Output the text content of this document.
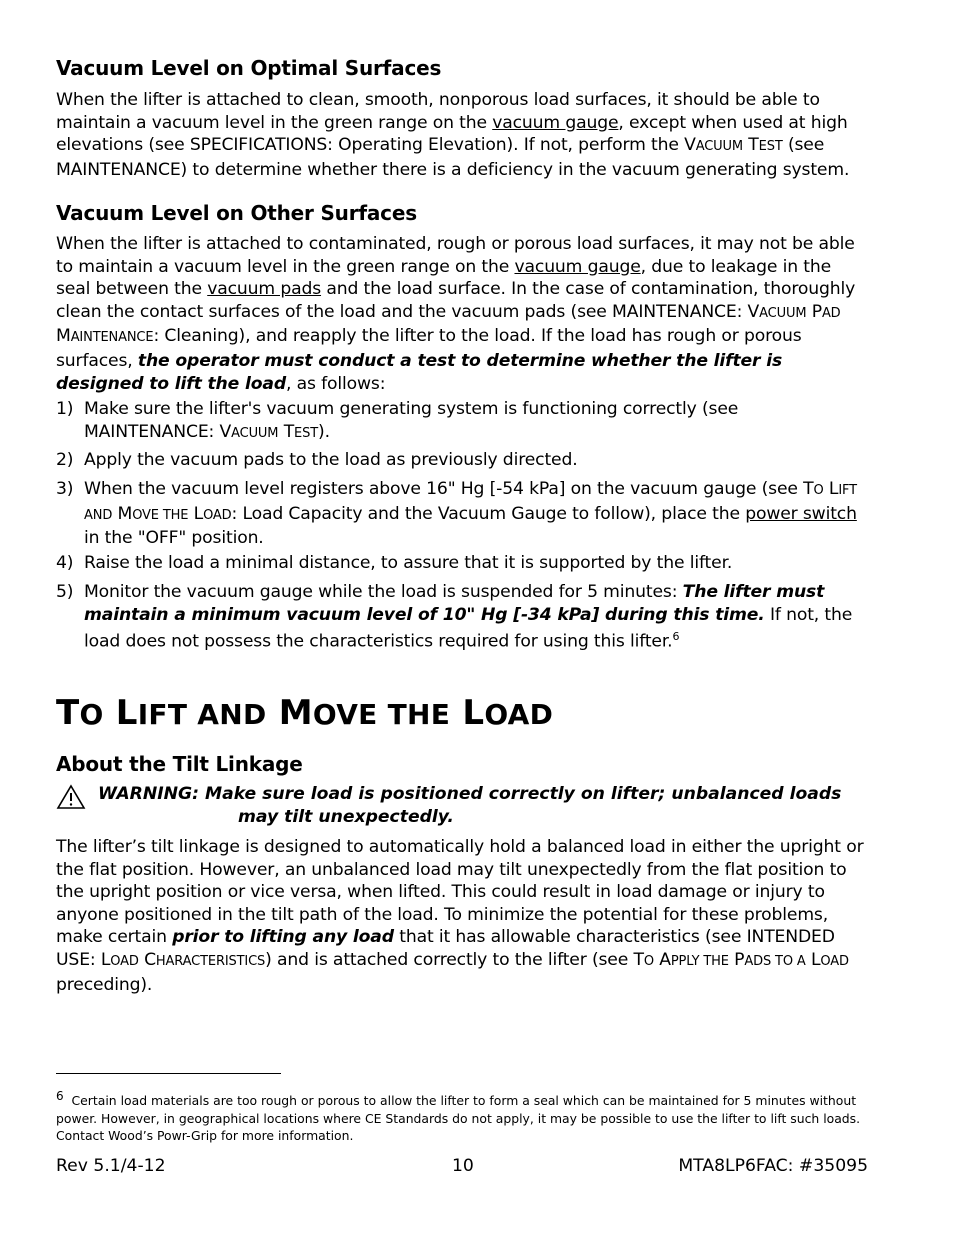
Vacuum Level on Optimal Surfaces
When the lifter is attached to clean, smooth, nonporous load surfaces, it should be able to maintain a vacuum level in the green range on the vacuum gauge, except when used at high elevations (see SPECIFICATIONS: Operating Elevation). If not, perform the VACUUM TEST (see MAINTENANCE) to determine whether there is a deficiency in the vacuum generating system.
Vacuum Level on Other Surfaces
When the lifter is attached to contaminated, rough or porous load surfaces, it may not be able to maintain a vacuum level in the green range on the vacuum gauge, due to leakage in the seal between the vacuum pads and the load surface. In the case of contamination, thoroughly clean the contact surfaces of the load and the vacuum pads (see MAINTENANCE: VACUUM PAD MAINTENANCE: Cleaning), and reapply the lifter to the load. If the load has rough or porous surfaces, the operator must conduct a test to determine whether the lifter is designed to lift the load, as follows:
1) Make sure the lifter's vacuum generating system is functioning correctly (see MAINTENANCE: VACUUM TEST).
2) Apply the vacuum pads to the load as previously directed.
3) When the vacuum level registers above 16" Hg [-54 kPa] on the vacuum gauge (see TO LIFT AND MOVE THE LOAD: Load Capacity and the Vacuum Gauge to follow), place the power switch in the "OFF" position.
4) Raise the load a minimal distance, to assure that it is supported by the lifter.
5) Monitor the vacuum gauge while the load is suspended for 5 minutes: The lifter must maintain a minimum vacuum level of 10" Hg [-34 kPa] during this time. If not, the load does not possess the characteristics required for using this lifter.$^6$
TO LIFT AND MOVE THE LOAD
About the Tilt Linkage
WARNING: Make sure load is positioned correctly on lifter; unbalanced loads
may tilt unexpectedly.
The lifter’s tilt linkage is designed to automatically hold a balanced load in either the upright or the flat position. However, an unbalanced load may tilt unexpectedly from the flat position to the upright position or vice versa, when lifted. This could result in load damage or injury to anyone positioned in the tilt path of the load. To minimize the potential for these problems, make certain prior to lifting any load that it has allowable characteristics (see INTENDED USE: LOAD CHARACTERISTICS) and is attached correctly to the lifter (see TO APPLY THE PADS TO A LOAD preceding).
$^6$ Certain load materials are too rough or porous to allow the lifter to form a seal which can be maintained for 5 minutes without power. However, in geographical locations where CE Standards do not apply, it may be possible to use the lifter to lift such loads. Contact Wood’s Powr-Grip for more information.
Rev 5.1/4-12	10	MTA8LP6FAC: #35095
